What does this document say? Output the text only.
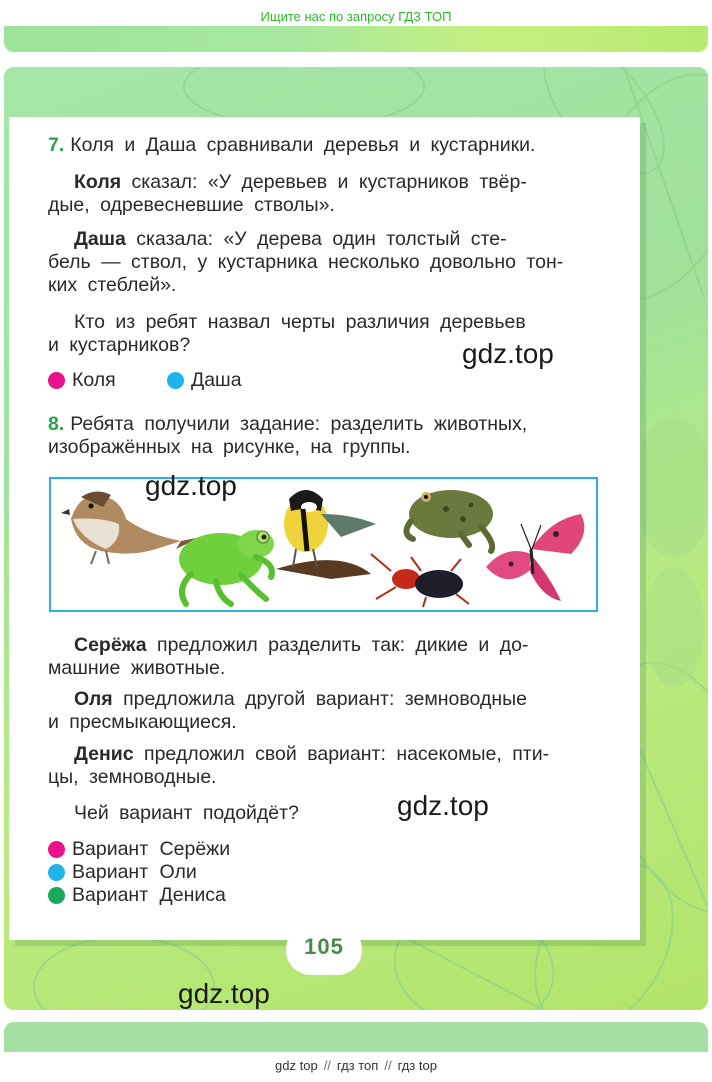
Ищите нас по запросу ГДЗ ТОП
7. Коля и Даша сравнивали деревья и кустарники.
Коля сказал: «У деревьев и кустарников твёр-
дые, одревесневшие стволы».
Даша сказала: «У дерева один толстый сте-
бель — ствол, у кустарника несколько довольно тон-
ких стеблей».
Кто из ребят назвал черты различия деревьев
и кустарников?
Коля	Даша
8. Ребята получили задание: разделить животных,
изображённых на рисунке, на группы.
Серёжа предложил разделить так: дикие и до-
машние животные.
Оля предложила другой вариант: земноводные
и пресмыкающиеся.
Денис предложил свой вариант: насекомые, пти-
цы, земноводные.
Чей вариант подойдёт?
Вариант Серёжи
Вариант Оли
Вариант Дениса
105
gdz.top
gdz.top
gdz.top
gdz.top
gdz top // гдз топ // гдз top
